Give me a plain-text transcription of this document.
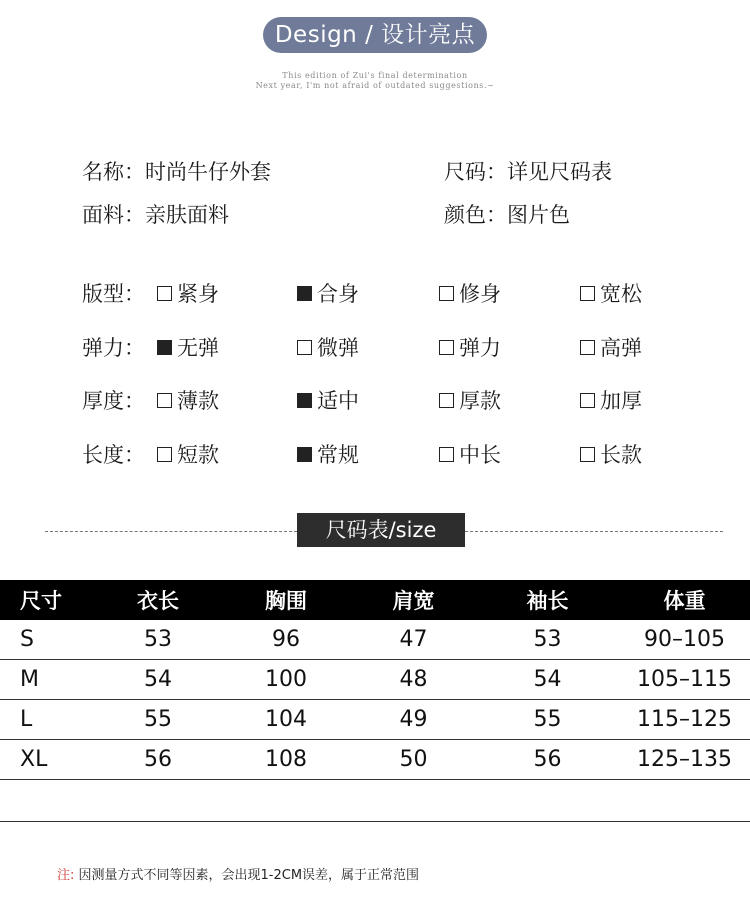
Design / 设计亮点
This edition of Zui's final determination
Next year, I'm not afraid of outdated suggestions.~
名称：时尚牛仔外套	尺码：详见尺码表
面料：亲肤面料	颜色：图片色
版型： 紧身	合身	修身	宽松
弹力： 无弹	微弹	弹力	高弹
厚度： 薄款	适中	厚款	加厚
长度： 短款	常规	中长	长款
尺码表/size
尺寸	衣长	胸围	肩宽	袖长	体重
S	53	96	47	53	90–105
M	54	100	48	54	105–115
L	55	104	49	55	115–125
XL	56	108	50	56	125–135
注: 因测量方式不同等因素，会出现1-2CM误差，属于正常范围
